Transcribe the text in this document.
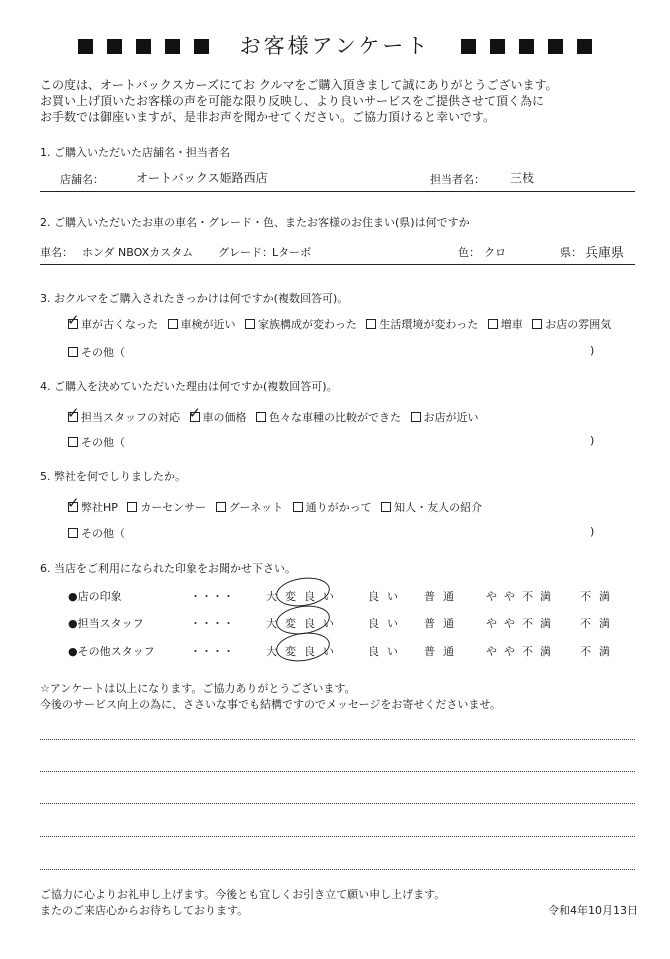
お客様アンケート
この度は、オートバックスカーズにてお クルマをご購入頂きまして誠にありがとうございます。
お買い上げ頂いたお客様の声を可能な限り反映し、より良いサービスをご提供させて頂く為に
お手数では御座いますが、是非お声を聞かせてください。ご協力頂けると幸いです。
1. ご購入いただいた店舗名・担当者名
店舗名：	オートバックス姫路西店	担当者名： 三枝
2. ご購入いただいたお車の車名・グレード・色、またお客様のお住まい(県)は何ですか
車名： ホンダ NBOXカスタム グレード： Lターボ	色： クロ	県： 兵庫県
3. おクルマをご購入されたきっかけは何ですか(複数回答可)。
✓車が古くなった 車検が近い 家族構成が変わった 生活環境が変わった 増車 お店の雰囲気
その他（	)
4. ご購入を決めていただいた理由は何ですか(複数回答可)。
✓担当スタッフの対応 ✓ 車の価格 色々な車種の比較ができた お店が近い
その他（	)
5. 弊社を何でしりましたか。
✓弊社HP カーセンサー グーネット 通りがかって 知人・友人の紹介
その他（	)
6. 当店をご利用になられた印象をお聞かせ下さい。
●店の印象	・・・・	大変良い 良い 普通 やや不満 不満
●担当スタッフ	・・・・	大変良い 良い 普通 やや不満 不満
●その他スタッフ	・・・・	大変良い 良い 普通 やや不満 不満
☆アンケートは以上になります。ご協力ありがとうございます。
今後のサービス向上の為に、ささいな事でも結構ですのでメッセージをお寄せくださいませ。
ご協力に心よりお礼申し上げます。今後とも宜しくお引き立て願い申し上げます。
またのご来店心からお待ちしております。	令和4年10月13日
